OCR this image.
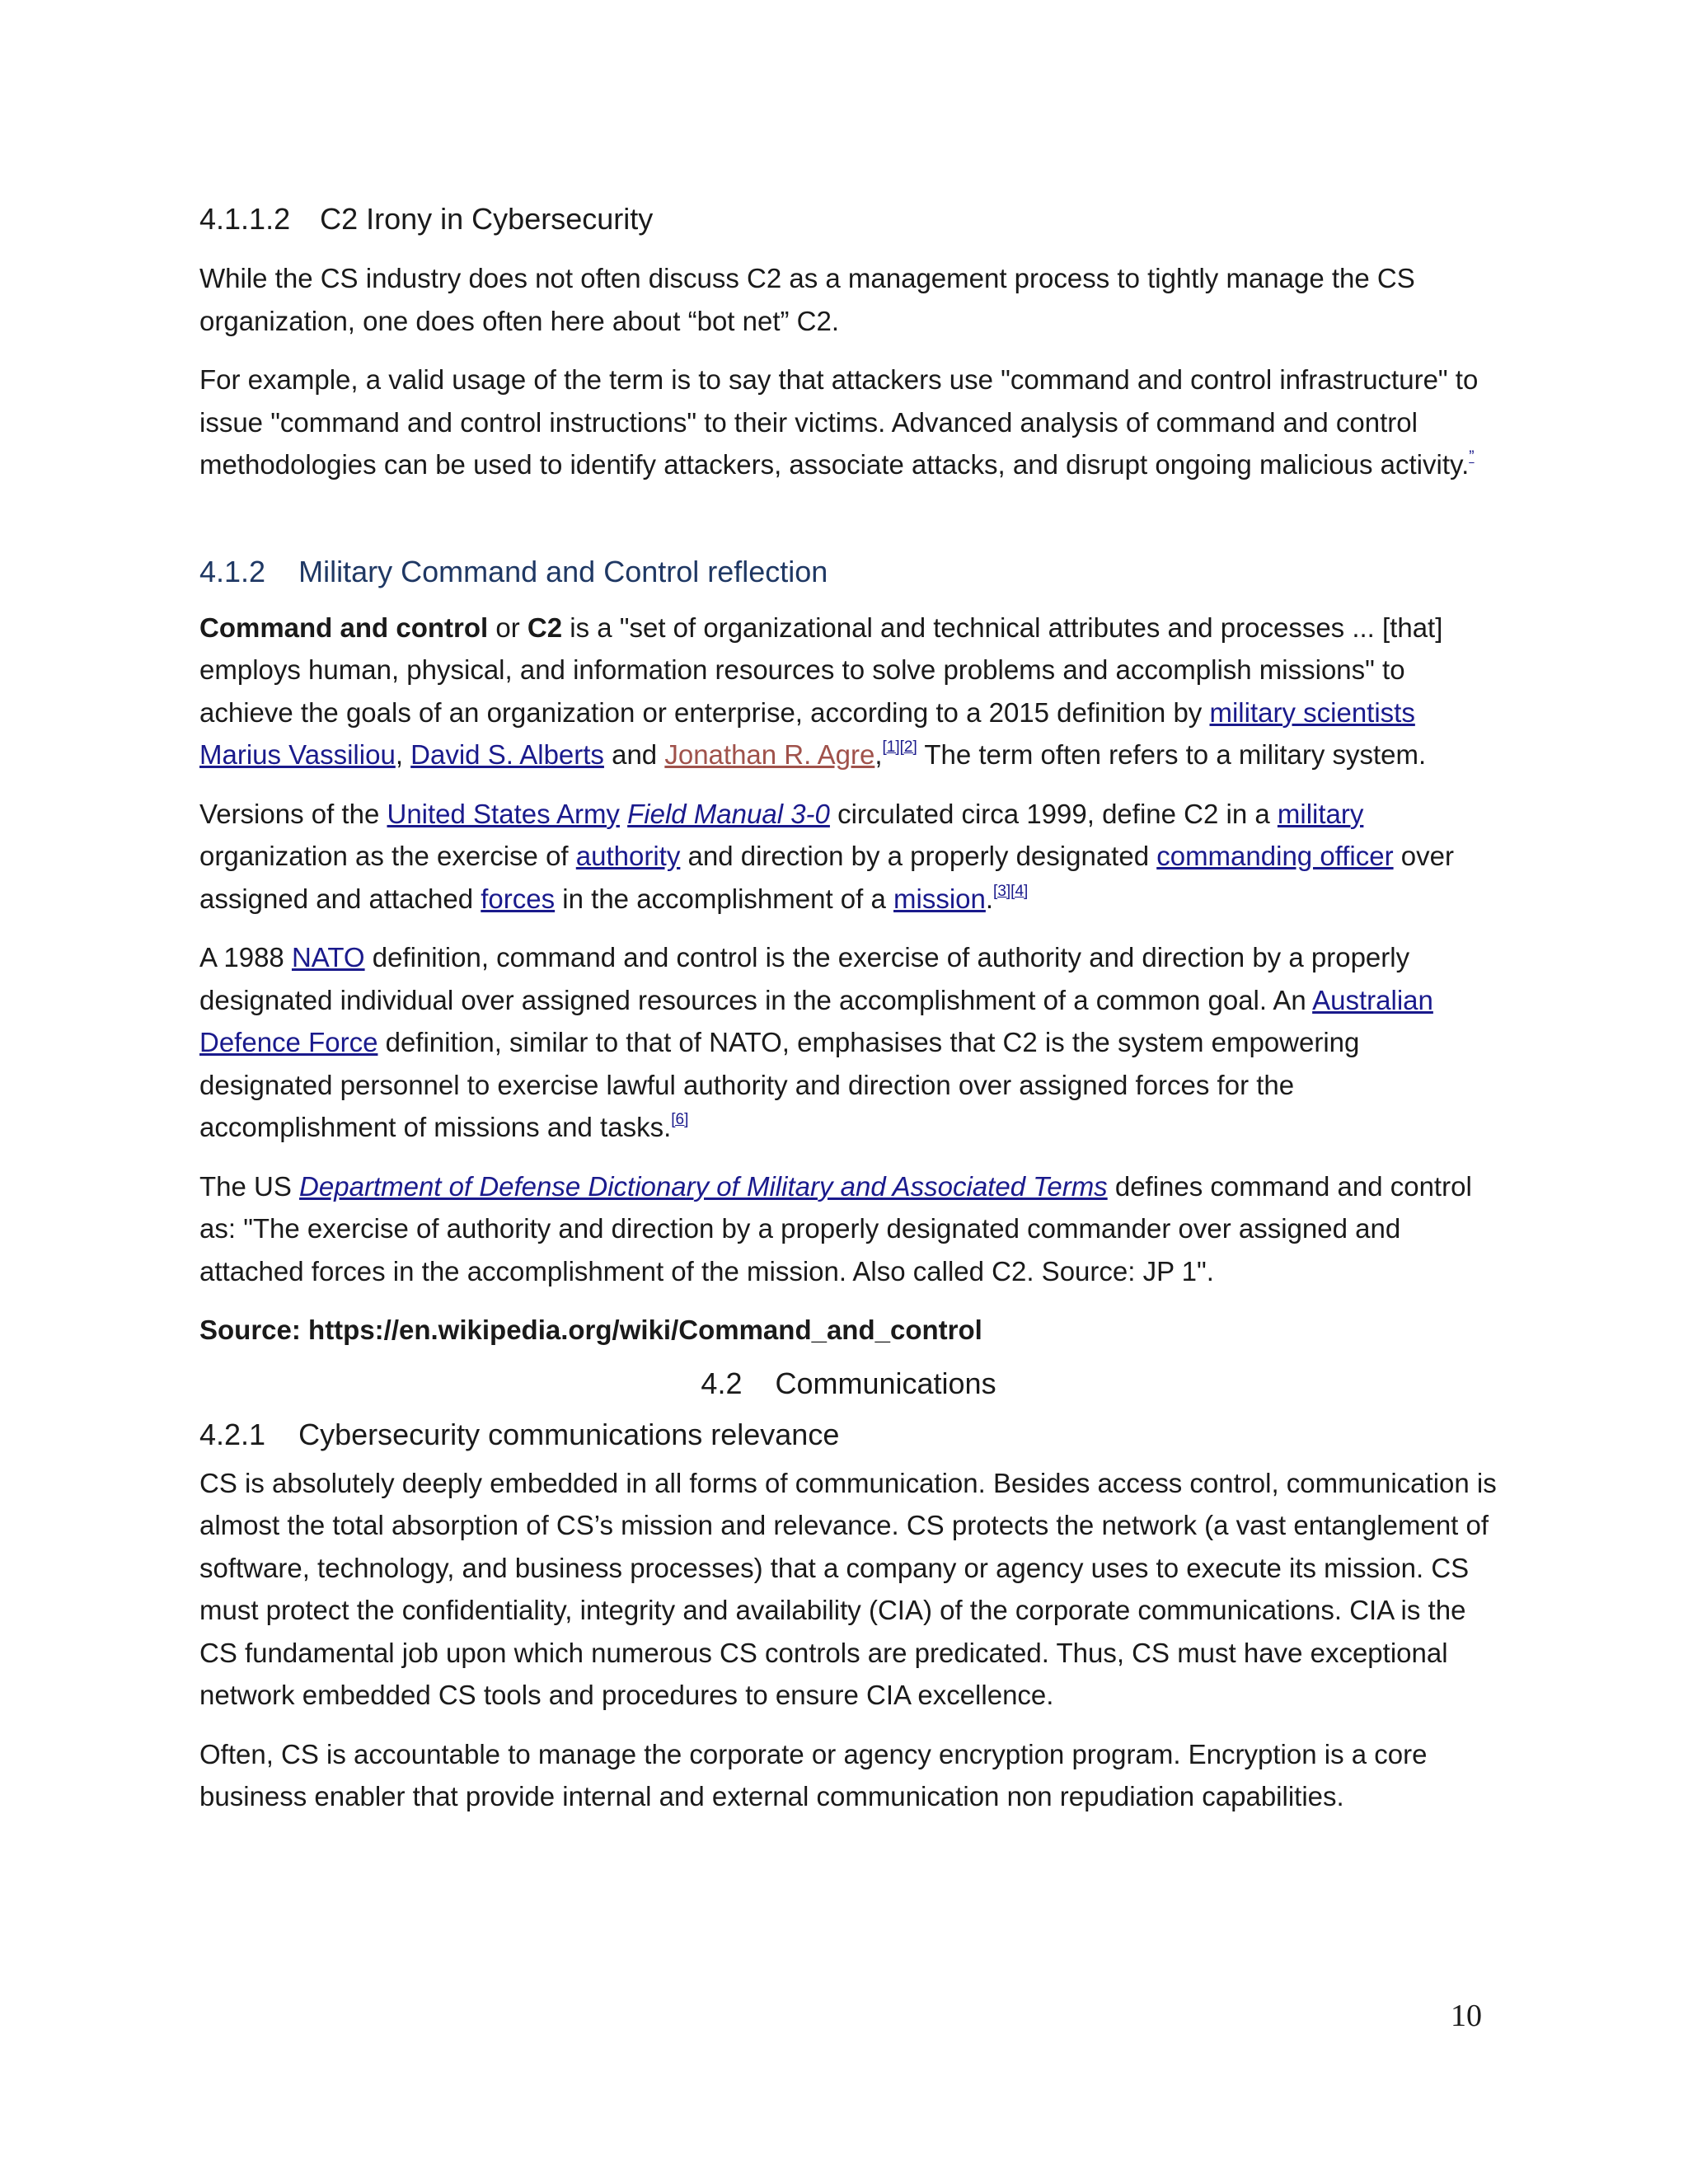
4.1.1.2 C2 Irony in Cybersecurity

While the CS industry does not often discuss C2 as a management process to tightly manage the CS organization, one does often here about “bot net” C2.

For example, a valid usage of the term is to say that attackers use "command and control infrastructure" to issue "command and control instructions" to their victims. Advanced analysis of command and control methodologies can be used to identify attackers, associate attacks, and disrupt ongoing malicious activity.”

4.1.2 Military Command and Control reflection

Command and control or C2 is a "set of organizational and technical attributes and processes ... [that] employs human, physical, and information resources to solve problems and accomplish missions" to achieve the goals of an organization or enterprise, according to a 2015 definition by military scientists Marius Vassiliou, David S. Alberts and Jonathan R. Agre,[1][2] The term often refers to a military system.

Versions of the United States Army Field Manual 3-0 circulated circa 1999, define C2 in a military organization as the exercise of authority and direction by a properly designated commanding officer over assigned and attached forces in the accomplishment of a mission.[3][4]

A 1988 NATO definition, command and control is the exercise of authority and direction by a properly designated individual over assigned resources in the accomplishment of a common goal. An Australian Defence Force definition, similar to that of NATO, emphasises that C2 is the system empowering designated personnel to exercise lawful authority and direction over assigned forces for the accomplishment of missions and tasks.[6]

The US Department of Defense Dictionary of Military and Associated Terms defines command and control as: "The exercise of authority and direction by a properly designated commander over assigned and attached forces in the accomplishment of the mission. Also called C2. Source: JP 1".

Source: https://en.wikipedia.org/wiki/Command_and_control

4.2 Communications
4.2.1 Cybersecurity communications relevance

CS is absolutely deeply embedded in all forms of communication. Besides access control, communication is almost the total absorption of CS’s mission and relevance. CS protects the network (a vast entanglement of software, technology, and business processes) that a company or agency uses to execute its mission. CS must protect the confidentiality, integrity and availability (CIA) of the corporate communications. CIA is the CS fundamental job upon which numerous CS controls are predicated. Thus, CS must have exceptional network embedded CS tools and procedures to ensure CIA excellence.

Often, CS is accountable to manage the corporate or agency encryption program. Encryption is a core business enabler that provide internal and external communication non repudiation capabilities.

10
